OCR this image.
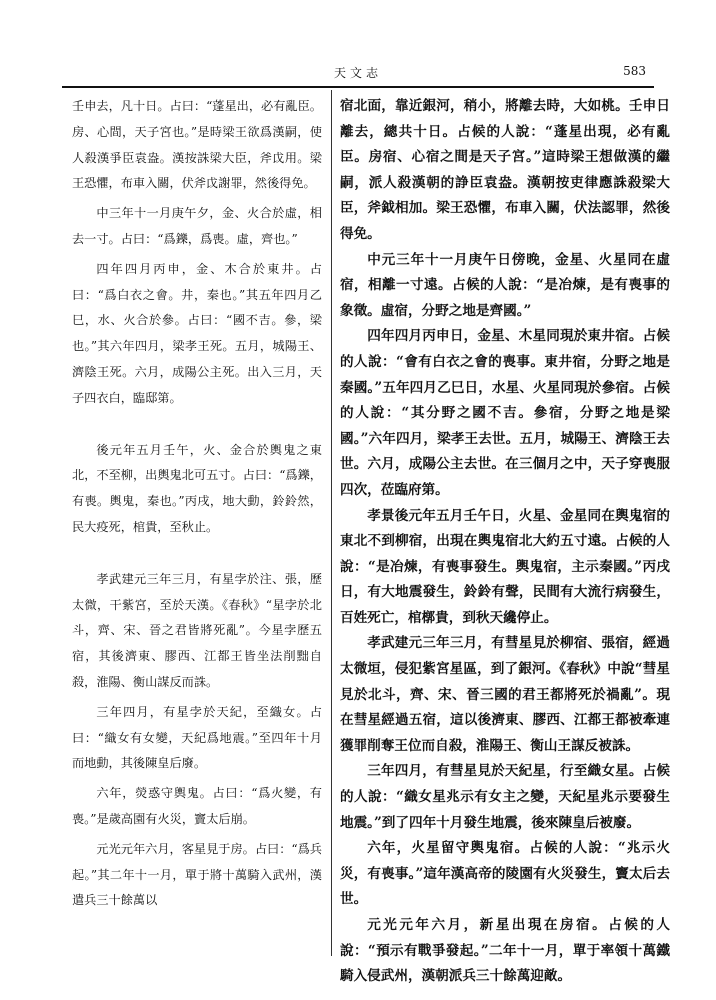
天文志	583

壬申去，凡十日。占曰：“蓬星出，必有亂臣。房、心間，天子宮也。”是時梁王欲爲漢嗣，使人殺漢爭臣袁盎。漢按誅梁大臣，斧戉用。梁王恐懼，布車入關，伏斧戉謝罪，然後得免。

中三年十一月庚午夕，金、火合於虛，相去一寸。占曰：“爲鑠，爲喪。虛，齊也。”

四年四月丙申，金、木合於東井。占曰：“爲白衣之會。井，秦也。”其五年四月乙巳，水、火合於參。占曰：“國不吉。參，梁也。”其六年四月，梁孝王死。五月，城陽王、濟陰王死。六月，成陽公主死。出入三月，天子四衣白，臨邸第。

後元年五月壬午，火、金合於輿鬼之東北，不至柳，出輿鬼北可五寸。占曰：“爲鑠，有喪。輿鬼，秦也。”丙戌，地大動，鈴鈴然，民大疫死，棺貴，至秋止。

孝武建元三年三月，有星孛於注、張，歷太微，干紫宮，至於天漢。《春秋》“星孛於北斗，齊、宋、晉之君皆將死亂”。今星孛歷五宿，其後濟東、膠西、江都王皆坐法削黜自殺，淮陽、衡山謀反而誅。

三年四月，有星孛於天紀，至織女。占曰：“織女有女變，天紀爲地震。”至四年十月而地動，其後陳皇后廢。

六年，熒惑守輿鬼。占曰：“爲火變，有喪。”是歲高園有火災，竇太后崩。

元光元年六月，客星見于房。占曰：“爲兵起。”其二年十一月，單于將十萬騎入武州，漢遣兵三十餘萬以

宿北面，靠近銀河，稍小，將離去時，大如桃。壬申日離去，總共十日。占候的人說：“蓬星出現，必有亂臣。房宿、心宿之間是天子宮。”這時梁王想做漢的繼嗣，派人殺漢朝的諍臣袁盎。漢朝按吏律應誅殺梁大臣，斧鉞相加。梁王恐懼，布車入關，伏法認罪，然後得免。

中元三年十一月庚午日傍晚，金星、火星同在虛宿，相離一寸遠。占候的人說：“是冶煉，是有喪事的象徵。虛宿，分野之地是齊國。”

四年四月丙申日，金星、木星同現於東井宿。占候的人說：“會有白衣之會的喪事。東井宿，分野之地是秦國。”五年四月乙巳日，水星、火星同現於參宿。占候的人說：“其分野之國不吉。參宿，分野之地是梁國。”六年四月，梁孝王去世。五月，城陽王、濟陰王去世。六月，成陽公主去世。在三個月之中，天子穿喪服四次，莅臨府第。

孝景後元年五月壬午日，火星、金星同在輿鬼宿的東北不到柳宿，出現在輿鬼宿北大約五寸遠。占候的人說：“是冶煉，有喪事發生。輿鬼宿，主示秦國。”丙戌日，有大地震發生，鈴鈴有聲，民間有大流行病發生，百姓死亡，棺槨貴，到秋天纔停止。

孝武建元三年三月，有彗星見於柳宿、張宿，經過太微垣，侵犯紫宮星區，到了銀河。《春秋》中說“彗星見於北斗，齊、宋、晉三國的君王都將死於禍亂”。現在彗星經過五宿，這以後濟東、膠西、江都王都被牽連獲罪削奪王位而自殺，淮陽王、衡山王謀反被誅。

三年四月，有彗星見於天紀星，行至織女星。占候的人說：“織女星兆示有女主之變，天紀星兆示要發生地震。”到了四年十月發生地震，後來陳皇后被廢。

六年，火星留守輿鬼宿。占候的人說：“兆示火災，有喪事。”這年漢高帝的陵園有火災發生，竇太后去世。

元光元年六月，新星出現在房宿。占候的人說：“預示有戰爭發起。”二年十一月，單于率領十萬鐵騎入侵武州，漢朝派兵三十餘萬迎敵。
